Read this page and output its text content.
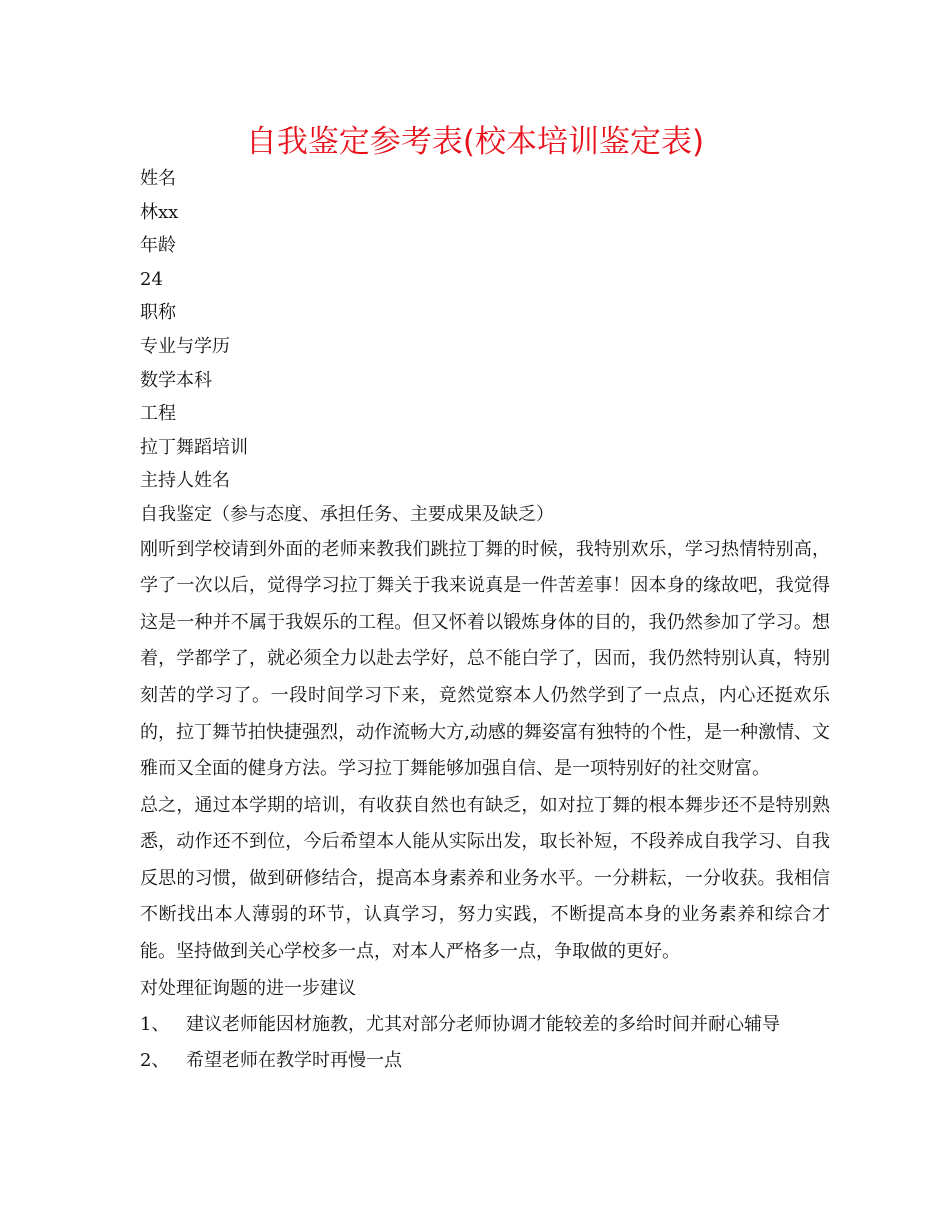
自我鉴定参考表(校本培训鉴定表)
姓名
林xx
年龄
24
职称
专业与学历
数学本科
工程
拉丁舞蹈培训
主持人姓名
自我鉴定（参与态度、承担任务、主要成果及缺乏）
刚听到学校请到外面的老师来教我们跳拉丁舞的时候，我特别欢乐，学习热情特别高，学了一次以后，觉得学习拉丁舞关于我来说真是一件苦差事！因本身的缘故吧，我觉得这是一种并不属于我娱乐的工程。但又怀着以锻炼身体的目的，我仍然参加了学习。想着，学都学了，就必须全力以赴去学好，总不能白学了，因而，我仍然特别认真，特别刻苦的学习了。一段时间学习下来，竟然觉察本人仍然学到了一点点，内心还挺欢乐的，拉丁舞节拍快捷强烈，动作流畅大方,动感的舞姿富有独特的个性，是一种激情、文雅而又全面的健身方法。学习拉丁舞能够加强自信、是一项特别好的社交财富。
总之，通过本学期的培训，有收获自然也有缺乏，如对拉丁舞的根本舞步还不是特别熟悉，动作还不到位，今后希望本人能从实际出发，取长补短，不段养成自我学习、自我反思的习惯，做到研修结合，提高本身素养和业务水平。一分耕耘，一分收获。我相信不断找出本人薄弱的环节，认真学习，努力实践，不断提高本身的业务素养和综合才能。坚持做到关心学校多一点，对本人严格多一点，争取做的更好。
对处理征询题的进一步建议
1、 建议老师能因材施教，尤其对部分老师协调才能较差的多给时间并耐心辅导
2、 希望老师在教学时再慢一点
